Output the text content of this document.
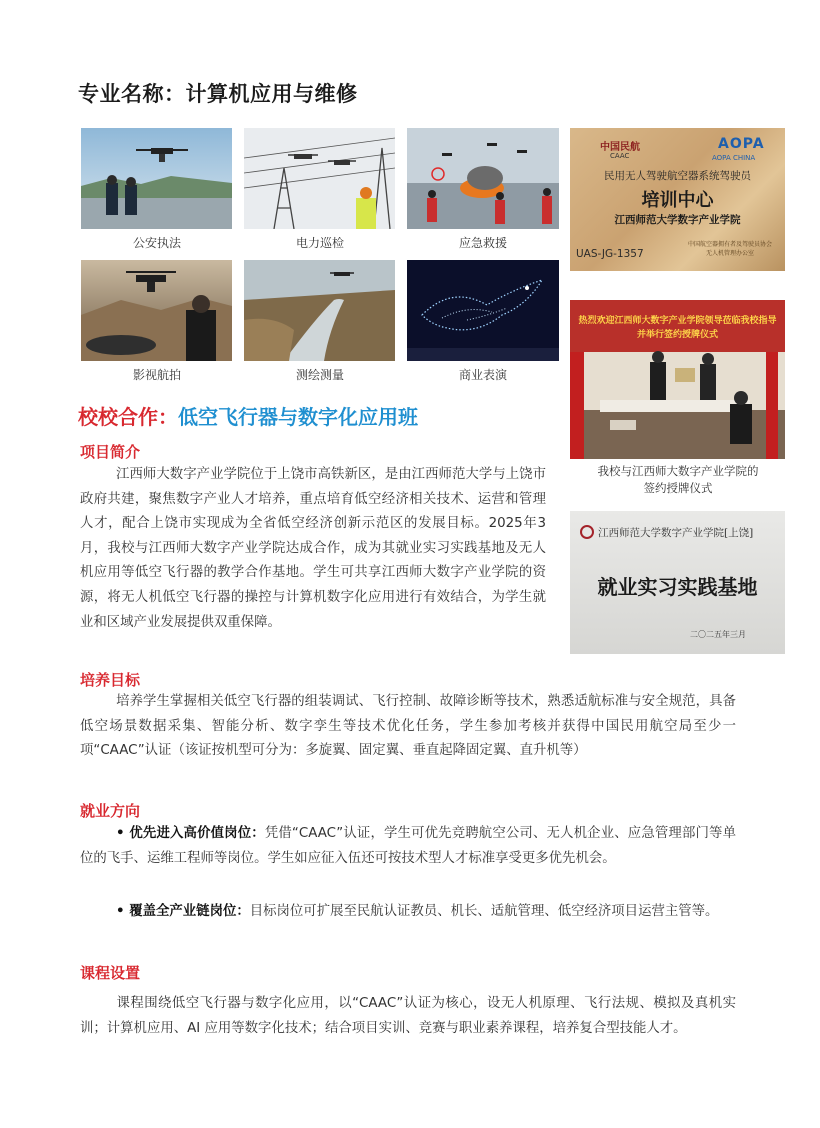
专业名称：计算机应用与维修
公安执法	电力巡检	应急救援
影视航拍	测绘测量	商业表演
中国民航
CAAC
AOPA
AOPA CHINA
民用无人驾驶航空器系统驾驶员
培训中心
江西师范大学数字产业学院
UAS-JG-1357
中国航空器拥有者及驾驶员协会
无人机管理办公室
热烈欢迎江西师大数字产业学院领导莅临我校指导并举行签约授牌仪式
我校与江西师大数字产业学院的
签约授牌仪式
江西师范大学数字产业学院[上饶]
就业实习实践基地
二〇二五年三月
校校合作：低空飞行器与数字化应用班
项目简介
江西师大数字产业学院位于上饶市高铁新区，是由江西师范大学与上饶市政府共建，聚焦数字产业人才培养，重点培育低空经济相关技术、运营和管理人才，配合上饶市实现成为全省低空经济创新示范区的发展目标。2025年3月，我校与江西师大数字产业学院达成合作，成为其就业实习实践基地及无人机应用等低空飞行器的教学合作基地。学生可共享江西师大数字产业学院的资源，将无人机低空飞行器的操控与计算机数字化应用进行有效结合，为学生就业和区域产业发展提供双重保障。
培养目标
培养学生掌握相关低空飞行器的组装调试、飞行控制、故障诊断等技术，熟悉适航标准与安全规范，具备低空场景数据采集、智能分析、数字孪生等技术优化任务，学生参加考核并获得中国民用航空局至少一项“CAAC”认证（该证按机型可分为：多旋翼、固定翼、垂直起降固定翼、直升机等）
就业方向
• 优先进入高价值岗位：凭借“CAAC”认证，学生可优先竞聘航空公司、无人机企业、应急管理部门等单位的飞手、运维工程师等岗位。学生如应征入伍还可按技术型人才标准享受更多优先机会。
• 覆盖全产业链岗位：目标岗位可扩展至民航认证教员、机长、适航管理、低空经济项目运营主管等。
课程设置
课程围绕低空飞行器与数字化应用，以“CAAC”认证为核心，设无人机原理、飞行法规、模拟及真机实训；计算机应用、AI 应用等数字化技术；结合项目实训、竞赛与职业素养课程，培养复合型技能人才。
